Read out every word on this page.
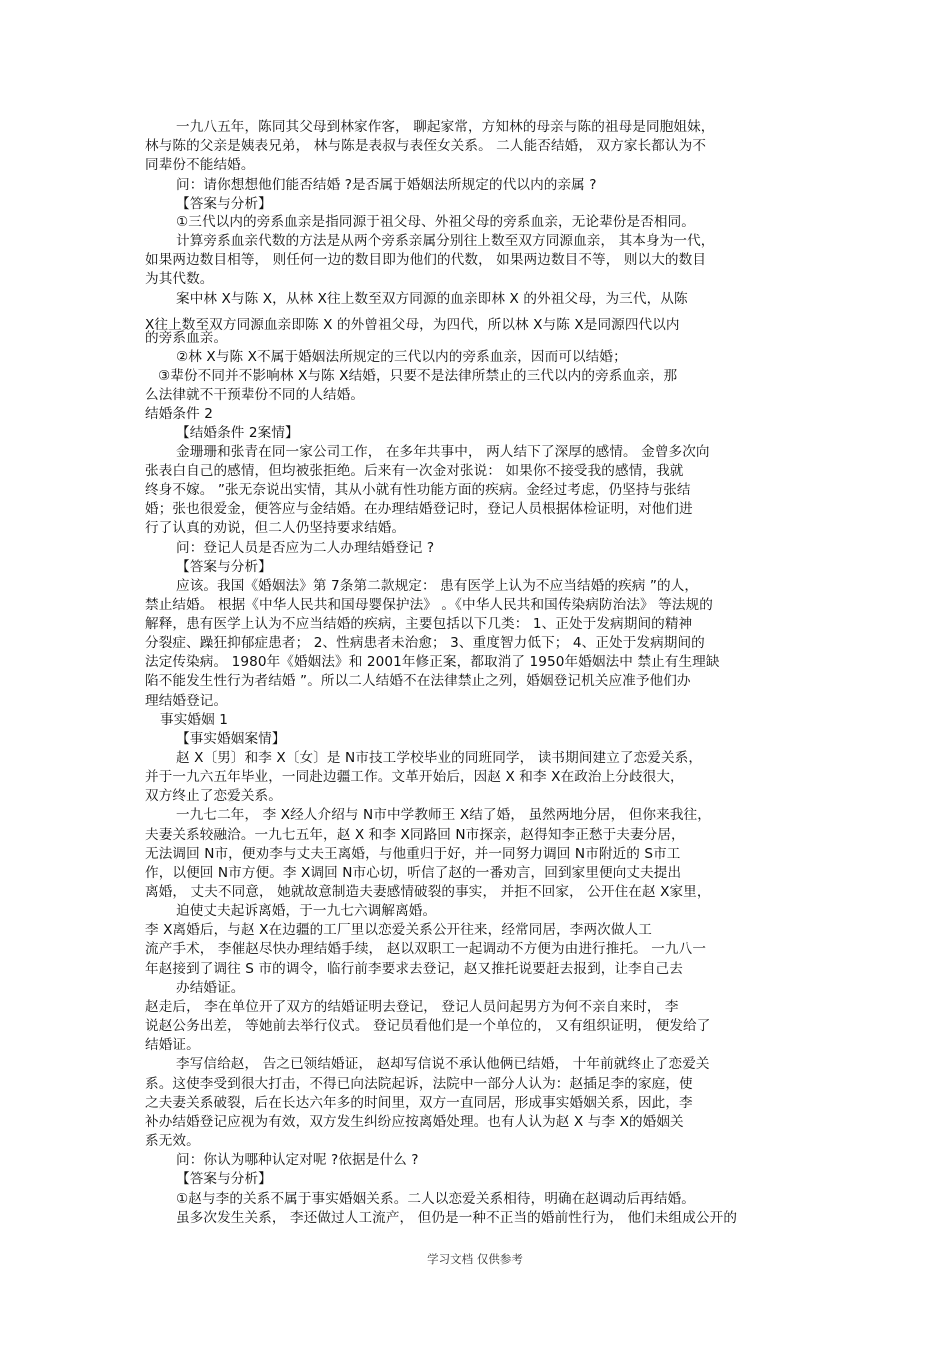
一九八五年，陈同其父母到林家作客， 聊起家常，方知林的母亲与陈的祖母是同胞姐妹，

林与陈的父亲是姨表兄弟， 林与陈是表叔与表侄女关系。 二人能否结婚， 双方家长都认为不

同辈份不能结婚。

问：请你想想他们能否结婚 ?是否属于婚姻法所规定的代以内的亲属 ?

【答案与分析】

①三代以内的旁系血亲是指同源于祖父母、外祖父母的旁系血亲，无论辈份是否相同。

计算旁系血亲代数的方法是从两个旁系亲属分别往上数至双方同源血亲， 其本身为一代，

如果两边数目相等， 则任何一边的数目即为他们的代数， 如果两边数目不等， 则以大的数目

为其代数。

案中林 X与陈 X，从林 X往上数至双方同源的血亲即林 X 的外祖父母，为三代，从陈

X往上数至双方同源血亲即陈 X 的外曾祖父母，为四代，所以林 X与陈 X是同源四代以内

的旁系血亲。

②林 X与陈 X不属于婚姻法所规定的三代以内的旁系血亲，因而可以结婚；

③辈份不同并不影响林 X与陈 X结婚，只要不是法律所禁止的三代以内的旁系血亲，那

么法律就不干预辈份不同的人结婚。

结婚条件 2

【结婚条件 2案情】

金珊珊和张青在同一家公司工作， 在多年共事中， 两人结下了深厚的感情。 金曾多次向

张表白自己的感情，但均被张拒绝。后来有一次金对张说： 如果你不接受我的感情，我就

终身不嫁。 ”张无奈说出实情，其从小就有性功能方面的疾病。金经过考虑，仍坚持与张结

婚；张也很爱金，便答应与金结婚。在办理结婚登记时，登记人员根据体检证明，对他们进

行了认真的劝说，但二人仍坚持要求结婚。

问：登记人员是否应为二人办理结婚登记 ?

【答案与分析】

应该。我国《婚姻法》第 7条第二款规定： 患有医学上认为不应当结婚的疾病 ”的人，

禁止结婚。 根据《中华人民共和国母婴保护法》 。《中华人民共和国传染病防治法》 等法规的

解释，患有医学上认为不应当结婚的疾病，主要包括以下几类： 1、正处于发病期间的精神

分裂症、躁狂抑郁症患者； 2、性病患者未治愈； 3、重度智力低下； 4、正处于发病期间的

法定传染病。 1980年《婚姻法》和 2001年修正案，都取消了 1950年婚姻法中 禁止有生理缺

陷不能发生性行为者结婚 ”。所以二人结婚不在法律禁止之列，婚姻登记机关应准予他们办

理结婚登记。

事实婚姻 1

【事实婚姻案情】

赵 X〔男〕和李 X〔女〕是 N市技工学校毕业的同班同学， 读书期间建立了恋爱关系，

并于一九六五年毕业，一同赴边疆工作。文革开始后，因赵 X 和李 X在政治上分歧很大，

双方终止了恋爱关系。

一九七二年， 李 X经人介绍与 N市中学教师王 X结了婚， 虽然两地分居， 但你来我往，

夫妻关系较融洽。一九七五年，赵 X 和李 X同路回 N市探亲，赵得知李正愁于夫妻分居，

无法调回 N市，便劝李与丈夫王离婚，与他重归于好，并一同努力调回 N市附近的 S市工

作，以便回 N市方便。李 X调回 N市心切，听信了赵的一番劝言，回到家里便向丈夫提出

离婚， 丈夫不同意， 她就故意制造夫妻感情破裂的事实， 并拒不回家， 公开住在赵 X家里，

迫使丈夫起诉离婚，于一九七六调解离婚。

李 X离婚后，与赵 X在边疆的工厂里以恋爱关系公开往来，经常同居，李两次做人工

流产手术， 李催赵尽快办理结婚手续， 赵以双职工一起调动不方便为由进行推托。 一九八一

年赵接到了调往 S 市的调令，临行前李要求去登记，赵又推托说要赶去报到，让李自己去

办结婚证。

赵走后， 李在单位开了双方的结婚证明去登记， 登记人员问起男方为何不亲自来时， 李

说赵公务出差， 等她前去举行仪式。 登记员看他们是一个单位的， 又有组织证明， 便发给了

结婚证。

李写信给赵， 告之已领结婚证， 赵却写信说不承认他俩已结婚， 十年前就终止了恋爱关

系。这使李受到很大打击，不得已向法院起诉，法院中一部分人认为：赵插足李的家庭，使

之夫妻关系破裂，后在长达六年多的时间里，双方一直同居，形成事实婚姻关系，因此，李

补办结婚登记应视为有效，双方发生纠纷应按离婚处理。也有人认为赵 X 与李 X的婚姻关

系无效。

问：你认为哪种认定对呢 ?依据是什么 ?

【答案与分析】

①赵与李的关系不属于事实婚姻关系。二人以恋爱关系相待，明确在赵调动后再结婚。

虽多次发生关系， 李还做过人工流产， 但仍是一种不正当的婚前性行为， 他们未组成公开的

学习文档 仅供参考
